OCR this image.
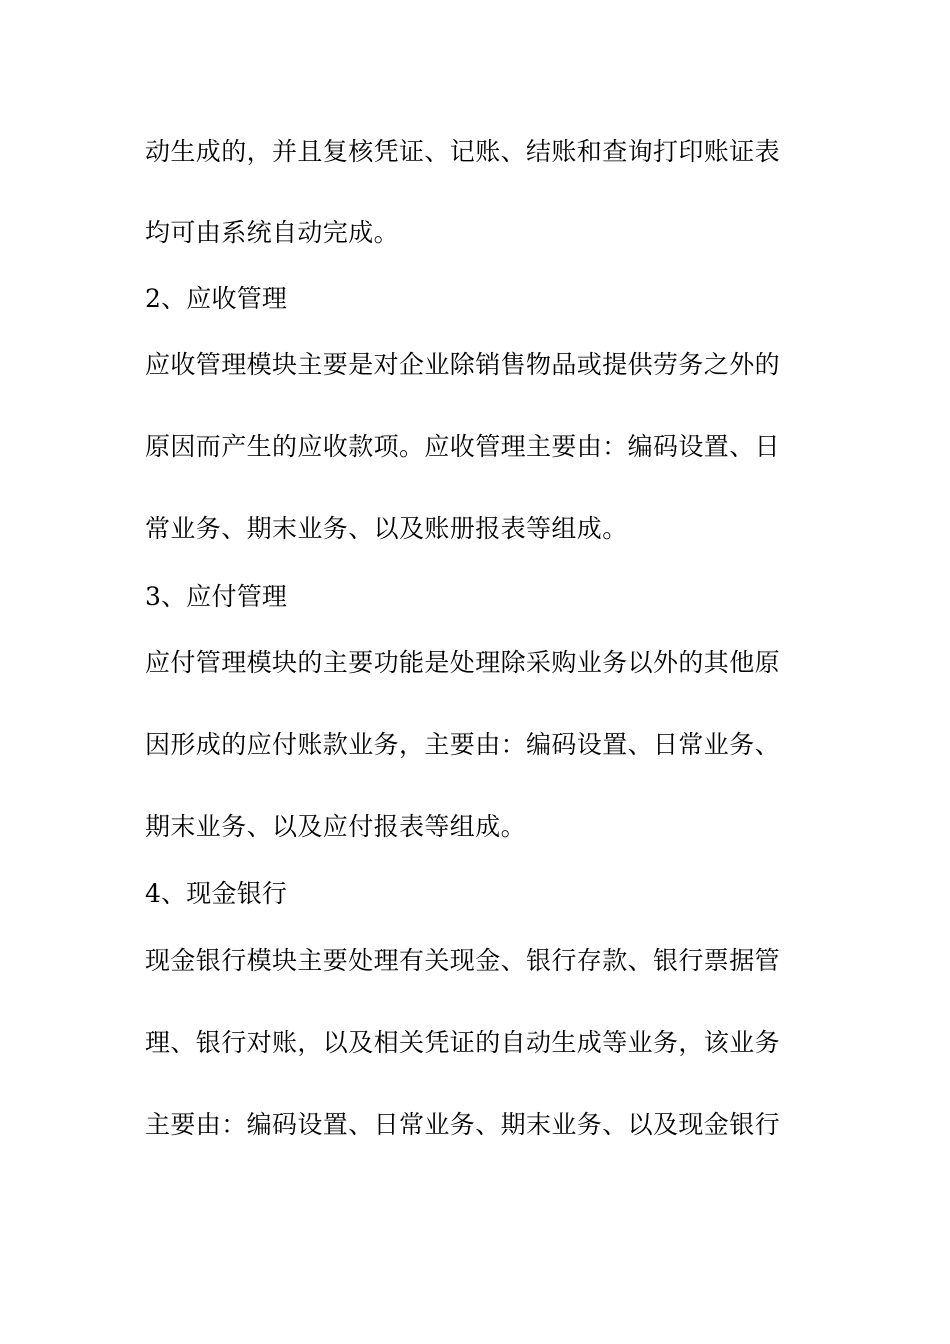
动生成的，并且复核凭证、记账、结账和查询打印账证表
均可由系统自动完成。
2、应收管理
应收管理模块主要是对企业除销售物品或提供劳务之外的
原因而产生的应收款项。应收管理主要由：编码设置、日
常业务、期末业务、以及账册报表等组成。
3、应付管理
应付管理模块的主要功能是处理除采购业务以外的其他原
因形成的应付账款业务，主要由：编码设置、日常业务、
期末业务、以及应付报表等组成。
4、现金银行
现金银行模块主要处理有关现金、银行存款、银行票据管
理、银行对账，以及相关凭证的自动生成等业务，该业务
主要由：编码设置、日常业务、期末业务、以及现金银行
